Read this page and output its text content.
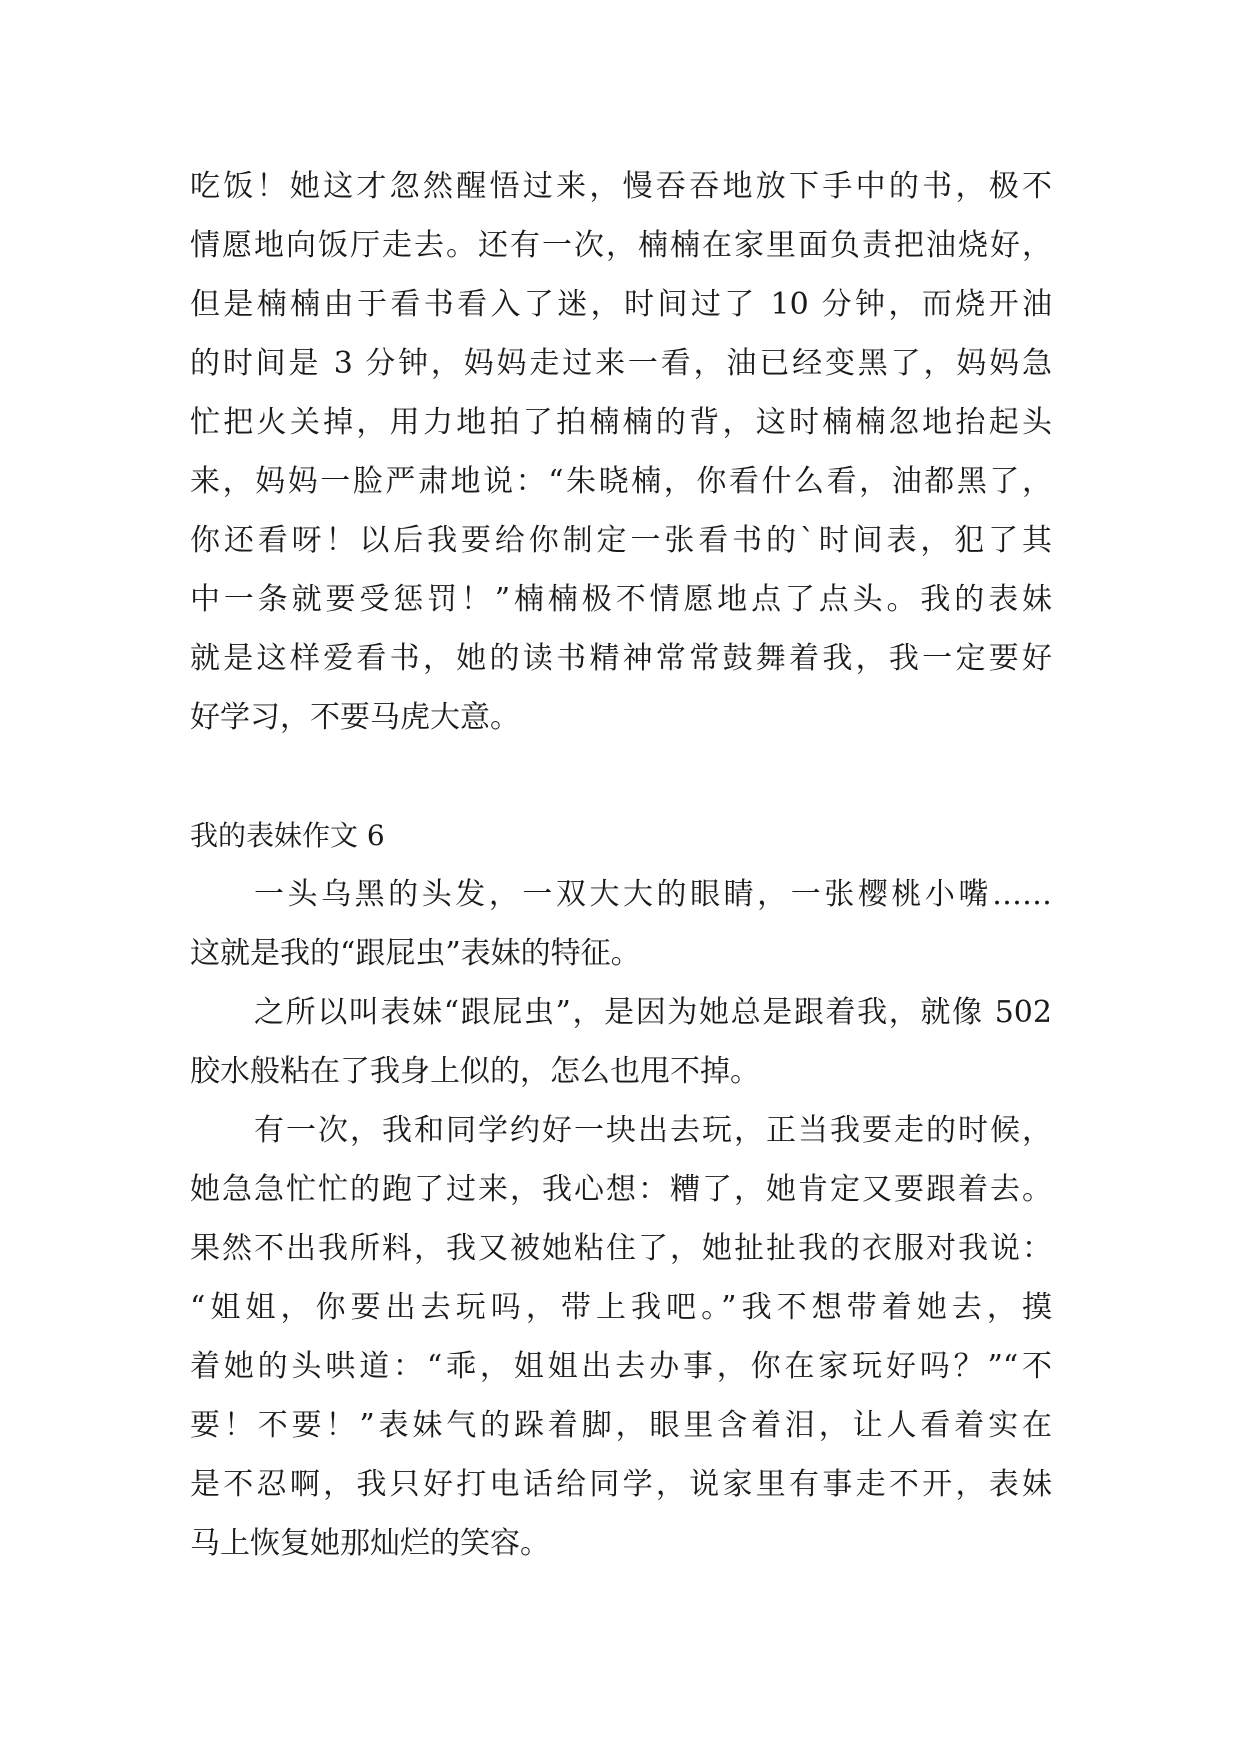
吃饭！她这才忽然醒悟过来，慢吞吞地放下手中的书，极不
情愿地向饭厅走去。还有一次，楠楠在家里面负责把油烧好，
但是楠楠由于看书看入了迷，时间过了 10 分钟，而烧开油
的时间是 3 分钟，妈妈走过来一看，油已经变黑了，妈妈急
忙把火关掉，用力地拍了拍楠楠的背，这时楠楠忽地抬起头
来，妈妈一脸严肃地说：“朱晓楠，你看什么看，油都黑了，
你还看呀！以后我要给你制定一张看书的`时间表，犯了其
中一条就要受惩罚！”楠楠极不情愿地点了点头。我的表妹
就是这样爱看书，她的读书精神常常鼓舞着我，我一定要好
好学习，不要马虎大意。
我的表妹作文 6
一头乌黑的头发，一双大大的眼睛，一张樱桃小嘴……
这就是我的“跟屁虫”表妹的特征。
之所以叫表妹“跟屁虫”，是因为她总是跟着我，就像 502
胶水般粘在了我身上似的，怎么也甩不掉。
有一次，我和同学约好一块出去玩，正当我要走的时候，
她急急忙忙的跑了过来，我心想：糟了，她肯定又要跟着去。
果然不出我所料，我又被她粘住了，她扯扯我的衣服对我说：
“姐姐，你要出去玩吗，带上我吧。”我不想带着她去，摸
着她的头哄道：“乖，姐姐出去办事，你在家玩好吗？”“不
要！不要！”表妹气的跺着脚，眼里含着泪，让人看着实在
是不忍啊，我只好打电话给同学，说家里有事走不开，表妹
马上恢复她那灿烂的笑容。
